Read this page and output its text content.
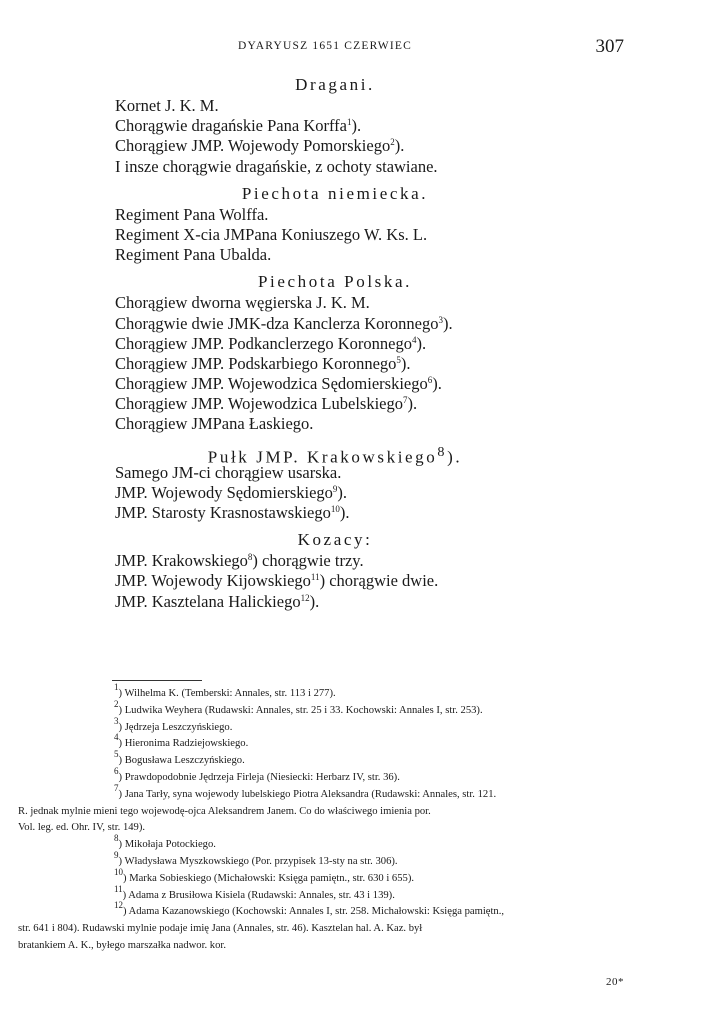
DYARYUSZ 1651 CZERWIEC	307
Dragani.
Kornet J. K. M.
Chorągwie dragańskie Pana Korffa$^1$).
Chorągiew JMP. Wojewody Pomorskiego$^2$).
I insze chorągwie dragańskie, z ochoty stawiane.
Piechota niemiecka.
Regiment Pana Wolffa.
Regiment X-cia JMPana Koniuszego W. Ks. L.
Regiment Pana Ubalda.
Piechota Polska.
Chorągiew dworna węgierska J. K. M.
Chorągwie dwie JMK-dza Kanclerza Koronnego$^3$).
Chorągiew JMP. Podkanclerzego Koronnego$^4$).
Chorągiew JMP. Podskarbiego Koronnego$^5$).
Chorągiew JMP. Wojewodzica Sędomierskiego$^6$).
Chorągiew JMP. Wojewodzica Lubelskiego$^7$).
Chorągiew JMPana Łaskiego.
Pułk JMP. Krakowskiego$^8$).
Samego JM-ci chorągiew usarska.
JMP. Wojewody Sędomierskiego$^9$).
JMP. Starosty Krasnostawskiego$^{10}$).
Kozacy:
JMP. Krakowskiego$^8$) chorągwie trzy.
JMP. Wojewody Kijowskiego$^{11}$) chorągwie dwie.
JMP. Kasztelana Halickiego$^{12}$).
$^1$) Wilhelma K. (Temberski: Annales, str. 113 i 277).
$^2$) Ludwika Weyhera (Rudawski: Annales, str. 25 i 33. Kochowski: Annales I, str. 253).
$^3$) Jędrzeja Leszczyńskiego.
$^4$) Hieronima Radziejowskiego.
$^5$) Bogusława Leszczyńskiego.
$^6$) Prawdopodobnie Jędrzeja Firleja (Niesiecki: Herbarz IV, str. 36).
$^7$) Jana Tarły, syna wojewody lubelskiego Piotra Aleksandra (Rudawski: Annales, str. 121.
R. jednak mylnie mieni tego wojewodę-ojca Aleksandrem Janem. Co do właściwego imienia por.
Vol. leg. ed. Ohr. IV, str. 149).
$^8$) Mikołaja Potockiego.
$^9$) Władysława Myszkowskiego (Por. przypisek 13-sty na str. 306).
$^{10}$) Marka Sobieskiego (Michałowski: Księga pamiętn., str. 630 i 655).
$^{11}$) Adama z Brusiłowa Kisiela (Rudawski: Annales, str. 43 i 139).
$^{12}$) Adama Kazanowskiego (Kochowski: Annales I, str. 258. Michałowski: Księga pamiętn.,
str. 641 i 804). Rudawski mylnie podaje imię Jana (Annales, str. 46). Kasztelan hal. A. Kaz. był
bratankiem A. K., byłego marszałka nadwor. kor.
20*
